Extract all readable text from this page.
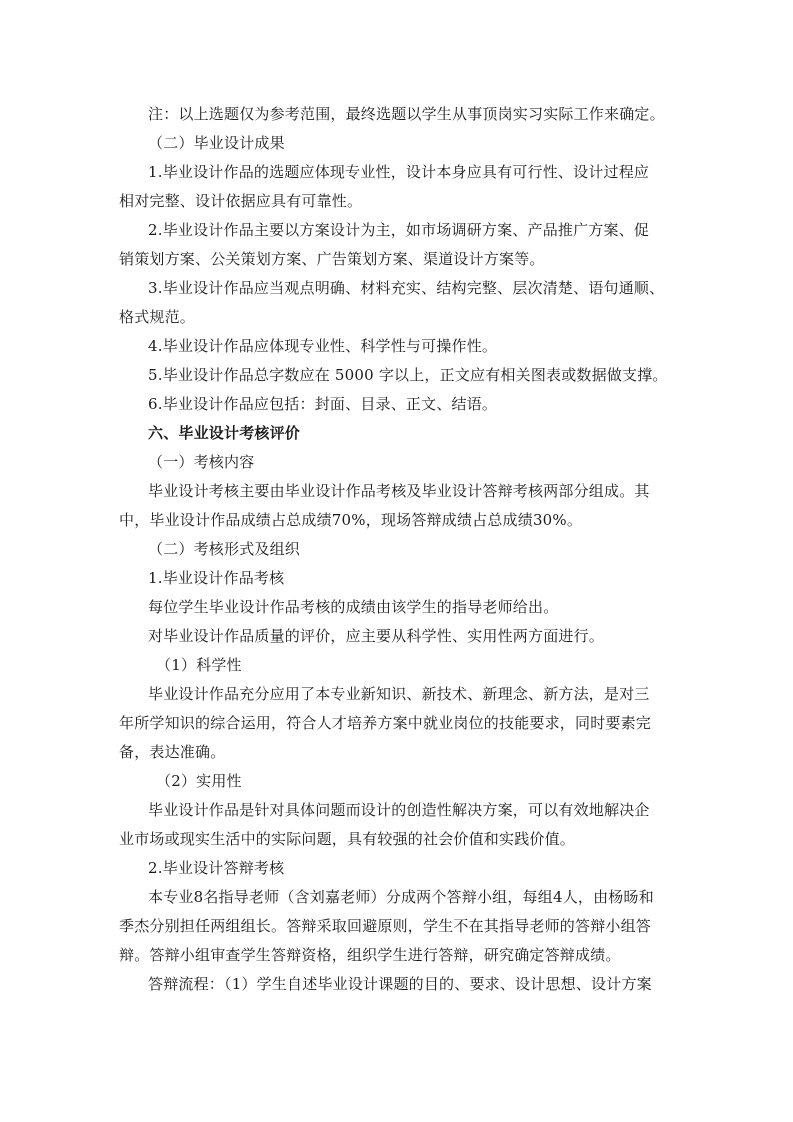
注：以上选题仅为参考范围，最终选题以学生从事顶岗实习实际工作来确定。
（二）毕业设计成果
1.毕业设计作品的选题应体现专业性，设计本身应具有可行性、设计过程应
相对完整、设计依据应具有可靠性。
2.毕业设计作品主要以方案设计为主，如市场调研方案、产品推广方案、促
销策划方案、公关策划方案、广告策划方案、渠道设计方案等。
3.毕业设计作品应当观点明确、材料充实、结构完整、层次清楚、语句通顺、
格式规范。
4.毕业设计作品应体现专业性、科学性与可操作性。
5.毕业设计作品总字数应在 5000 字以上，正文应有相关图表或数据做支撑。
6.毕业设计作品应包括：封面、目录、正文、结语。
六、毕业设计考核评价
（一）考核内容
毕业设计考核主要由毕业设计作品考核及毕业设计答辩考核两部分组成。其
中，毕业设计作品成绩占总成绩70%，现场答辩成绩占总成绩30%。
（二）考核形式及组织
1.毕业设计作品考核
每位学生毕业设计作品考核的成绩由该学生的指导老师给出。
对毕业设计作品质量的评价，应主要从科学性、实用性两方面进行。
（1）科学性
毕业设计作品充分应用了本专业新知识、新技术、新理念、新方法，是对三
年所学知识的综合运用，符合人才培养方案中就业岗位的技能要求，同时要素完
备，表达准确。
（2）实用性
毕业设计作品是针对具体问题而设计的创造性解决方案，可以有效地解决企
业市场或现实生活中的实际问题，具有较强的社会价值和实践价值。
2.毕业设计答辩考核
本专业8名指导老师（含刘嘉老师）分成两个答辩小组，每组4人，由杨旸和
季杰分别担任两组组长。答辩采取回避原则，学生不在其指导老师的答辩小组答
辩。答辩小组审查学生答辩资格，组织学生进行答辩，研究确定答辩成绩。
答辩流程：（1）学生自述毕业设计课题的目的、要求、设计思想、设计方案
